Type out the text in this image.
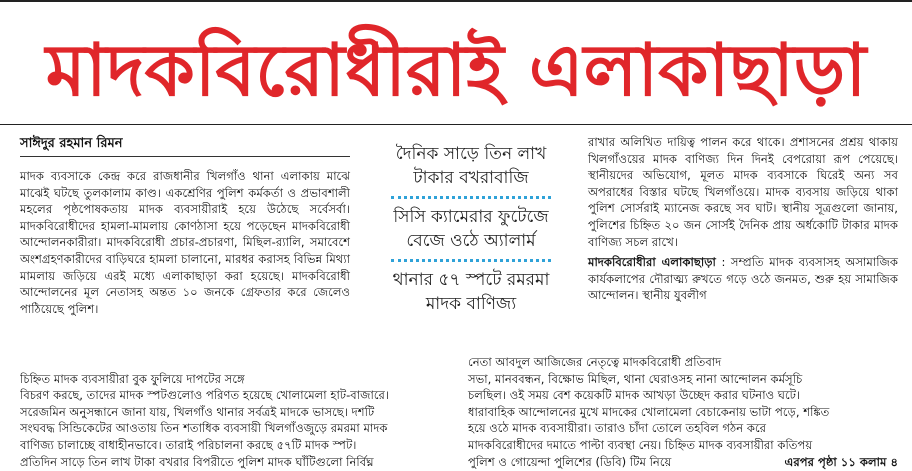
মাদকবিরোধীরাই এলাকাছাড়া
সাঈদুর রহমান রিমন
মাদক ব্যবসাকে কেন্দ্র করে রাজধানীর খিলগাঁও থানা এলাকায় মাঝে মাঝেই ঘটছে তুলকালাম কাণ্ড। একশ্রেণির পুলিশ কর্মকর্তা ও প্রভাবশালী মহলের পৃষ্ঠপোষকতায় মাদক ব্যবসায়ীরাই হয়ে উঠেছে সর্বেসর্বা। মাদকবিরোধীদের হামলা-মামলায় কোণঠাসা হয়ে পড়েছেন মাদকবিরোধী আন্দোলনকারীরা। মাদকবিরোধী প্রচার-প্রচারণা, মিছিল-র‍্যালি, সমাবেশে অংশগ্রহণকারীদের বাড়িঘরে হামলা চালানো, মারধর করাসহ বিভিন্ন মিথ্যা মামলায় জড়িয়ে এরই মধ্যে এলাকাছাড়া করা হয়েছে। মাদকবিরোধী আন্দোলনের মূল নেতাসহ অন্তত ১০ জনকে গ্রেফতার করে জেলেও পাঠিয়েছে পুলিশ।
দৈনিক সাড়ে তিন লাখ
টাকার বখরাবাজি
সিসি ক্যামেরার ফুটেজে
বেজে ওঠে অ্যালার্ম
থানার ৫৭ স্পটে রমরমা
মাদক বাণিজ্য
রাখার অলিখিত দায়িত্ব পালন করে থাকে। প্রশাসনের প্রশ্রয় থাকায় খিলগাঁওয়ের মাদক বাণিজ্য দিন দিনই বেপরোয়া রূপ পেয়েছে। স্থানীয়দের অভিযোগ, মূলত মাদক ব্যবসাকে ঘিরেই অন্য সব অপরাধের বিস্তার ঘটছে খিলগাঁওয়ে। মাদক ব্যবসায় জড়িয়ে থাকা পুলিশ সোর্সরাই ম্যানেজ করছে সব ঘাট। স্থানীয় সূত্রগুলো জানায়, পুলিশের চিহ্নিত ২০ জন সোর্সই দৈনিক প্রায় অর্ধকোটি টাকার মাদক বাণিজ্য সচল রাখে।
মাদকবিরোধীরা এলাকাছাড়া : সম্প্রতি মাদক ব্যবসাসহ অসামাজিক কার্যকলাপের দৌরাত্ম্য রুখতে গড়ে ওঠে জনমত, শুরু হয় সামাজিক আন্দোলন। স্থানীয় যুবলীগ
নেতা আবদুল আজিজের নেতৃত্বে মাদকবিরোধী প্রতিবাদ
চিহ্নিত মাদক ব্যবসায়ীরা বুক ফুলিয়ে দাপটের সঙ্গে	সভা, মানববন্ধন, বিক্ষোভ মিছিল, থানা ঘেরাওসহ নানা আন্দোলন কর্মসূচি
বিচরণ করছে, তাদের মাদক স্পটগুলোও পরিণত হয়েছে খোলামেলা হাট-বাজারে।	চলছিল। ওই সময় বেশ কয়েকটি মাদক আখড়া উচ্ছেদ করার ঘটনাও ঘটে।
সরেজমিন অনুসন্ধানে জানা যায়, খিলগাঁও থানার সর্বত্রই মাদকে ভাসছে। দশটি	ধারাবাহিক আন্দোলনের মুখে মাদকের খোলামেলা বেচাকেনায় ভাটা পড়ে, শঙ্কিত
সংঘবদ্ধ সিন্ডিকেটের আওতায় তিন শতাধিক ব্যবসায়ী খিলগাঁওজুড়ে রমরমা মাদক	হয়ে ওঠে মাদক ব্যবসায়ীরা। তারাও চাঁদা তোলে তহবিল গঠন করে
বাণিজ্য চালাচ্ছে বাধাহীনভাবে। তারাই পরিচালনা করছে ৫৭টি মাদক স্পট।	মাদকবিরোধীদের দমাতে পাল্টা ব্যবস্থা নেয়। চিহ্নিত মাদক ব্যবসায়ীরা কতিপয়
প্রতিদিন সাড়ে তিন লাখ টাকা বখরার বিপরীতে পুলিশ মাদক ঘাঁটিগুলো নির্বিঘ্ন	পুলিশ ও গোয়েন্দা পুলিশের (ডিবি) টিম নিয়ে	এরপর পৃষ্ঠা ১১ কলাম ৪
